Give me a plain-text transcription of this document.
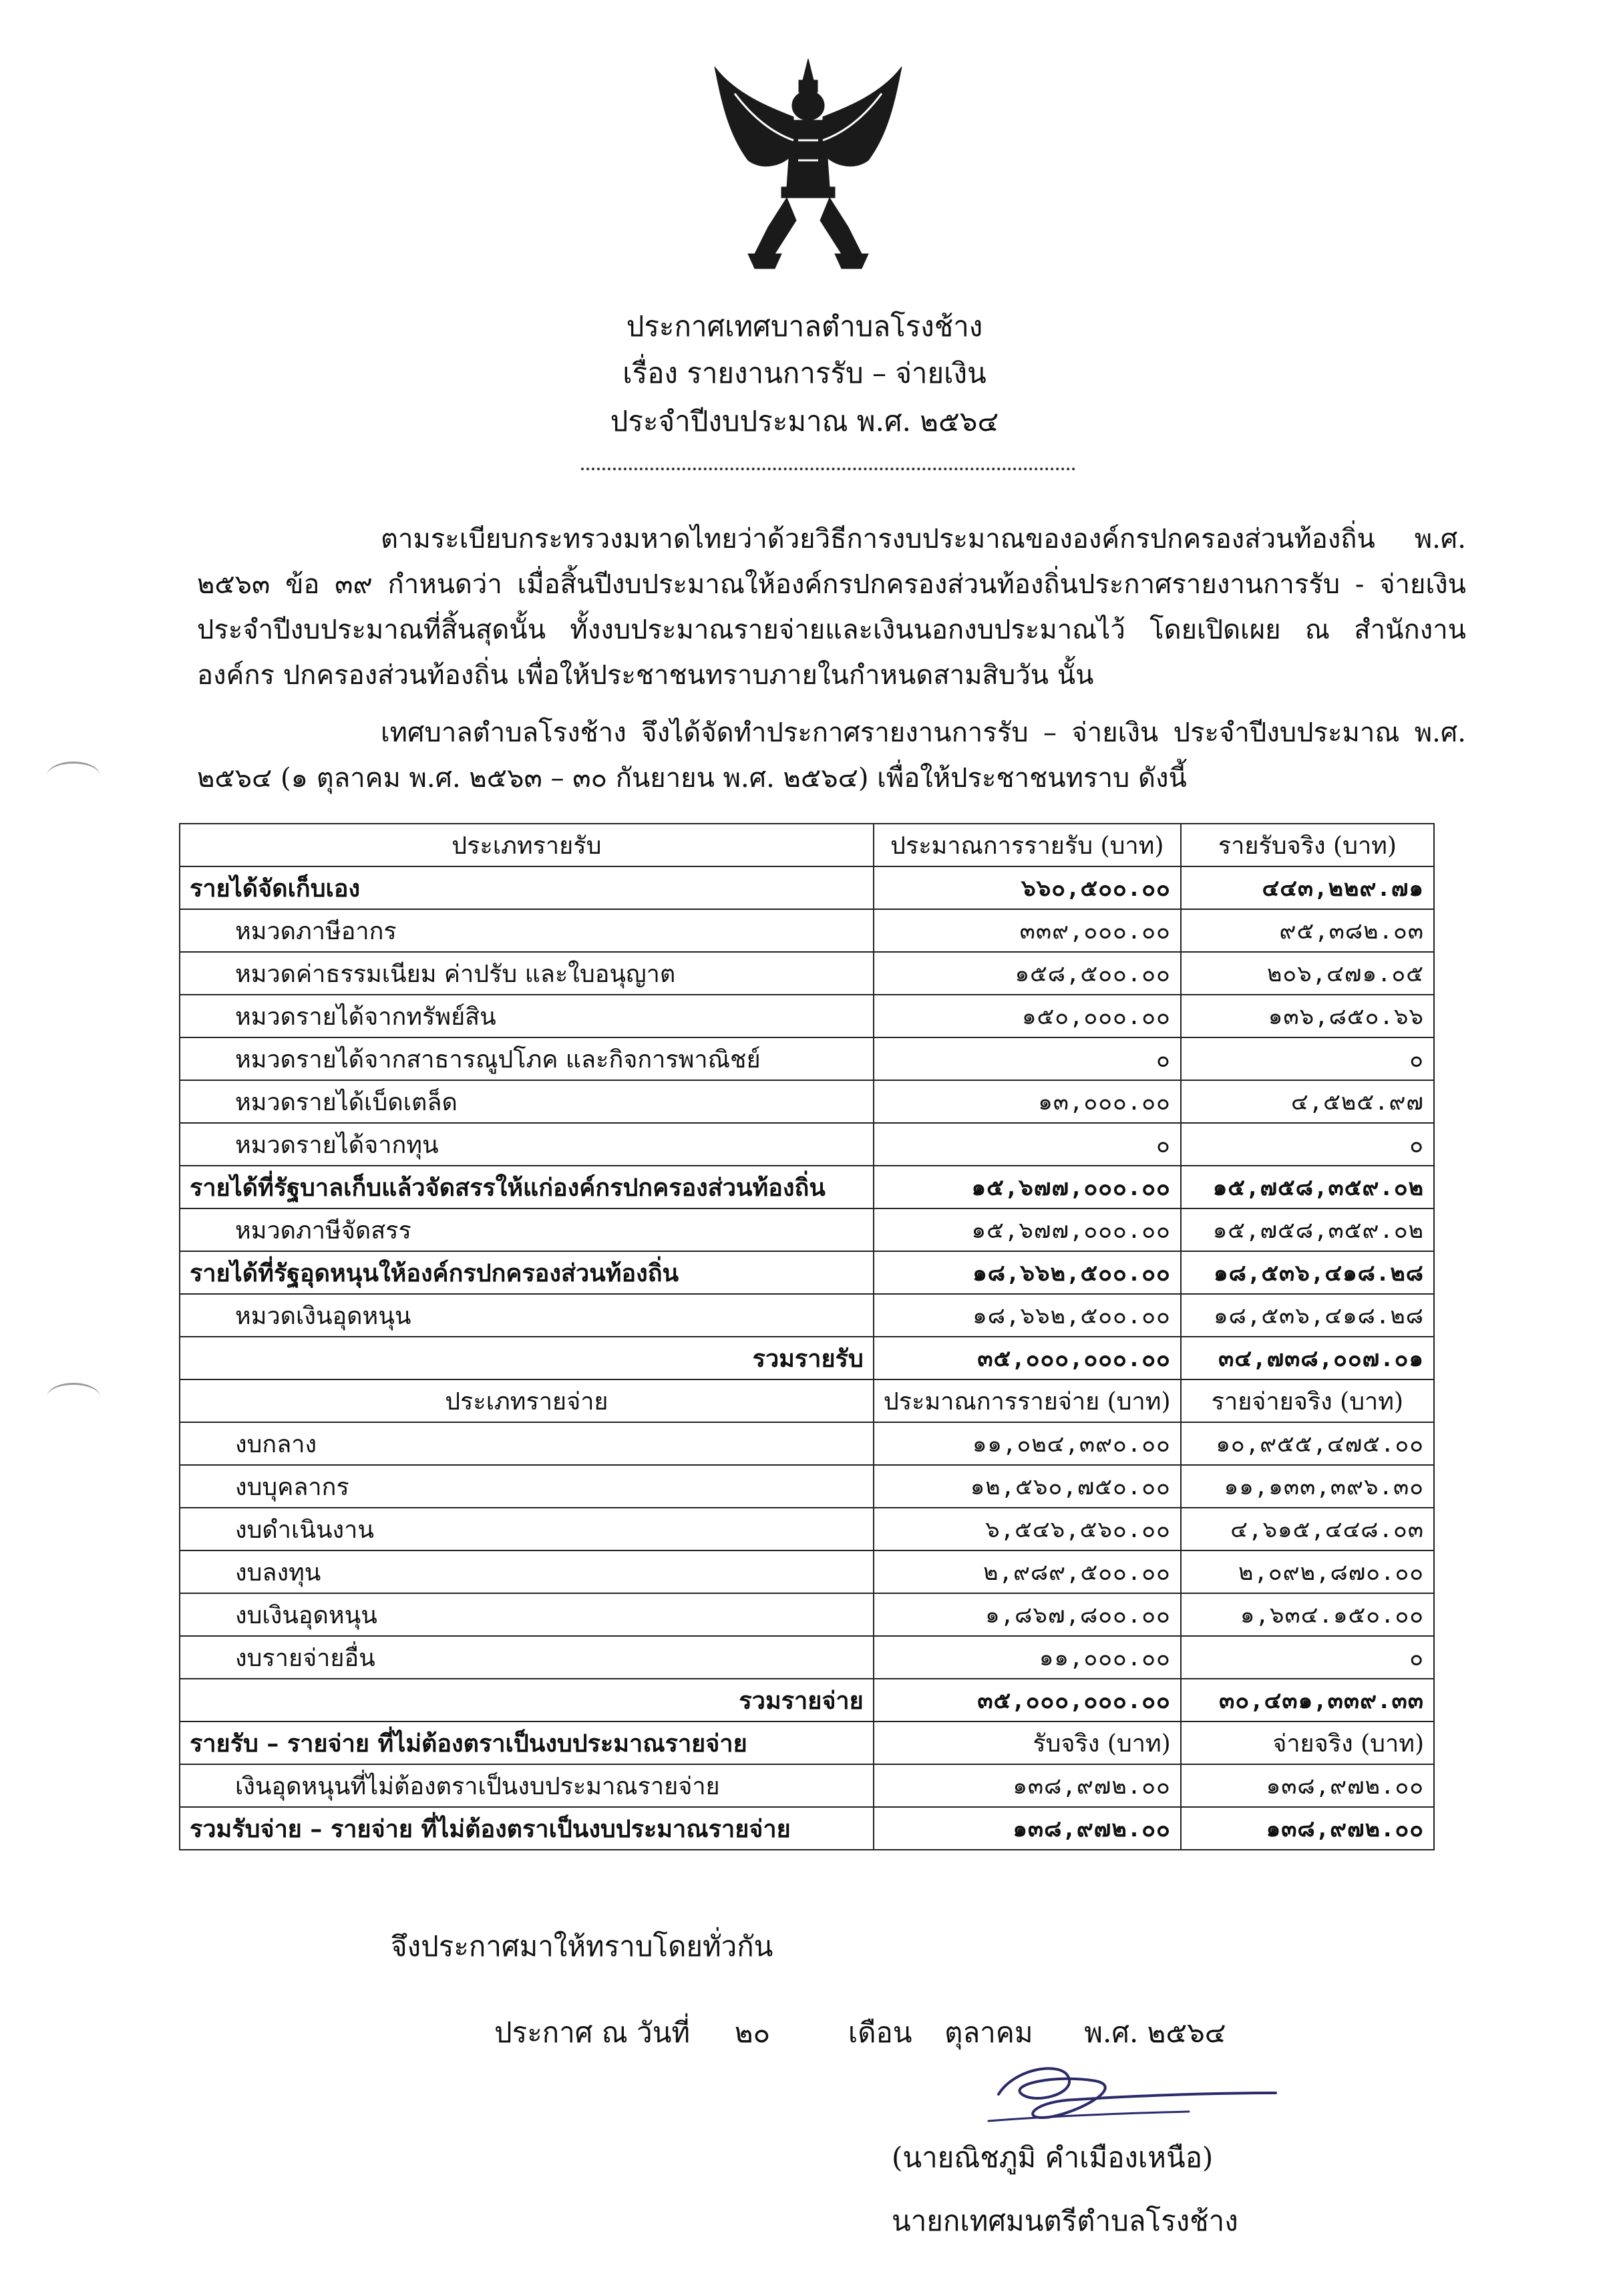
ประกาศเทศบาลตำบลโรงช้าง
เรื่อง รายงานการรับ – จ่ายเงิน
ประจำปีงบประมาณ พ.ศ. ๒๕๖๔
ตามระเบียบกระทรวงมหาดไทยว่าด้วยวิธีการงบประมาณขององค์กรปกครองส่วนท้องถิ่น พ.ศ. ๒๕๖๓ ข้อ ๓๙ กำหนดว่า เมื่อสิ้นปีงบประมาณให้องค์กรปกครองส่วนท้องถิ่นประกาศรายงานการรับ - จ่ายเงิน ประจำปีงบประมาณที่สิ้นสุดนั้น ทั้งงบประมาณรายจ่ายและเงินนอกงบประมาณไว้ โดยเปิดเผย ณ สำนักงานองค์กร ปกครองส่วนท้องถิ่น เพื่อให้ประชาชนทราบภายในกำหนดสามสิบวัน นั้น
เทศบาลตำบลโรงช้าง จึงได้จัดทำประกาศรายงานการรับ – จ่ายเงิน ประจำปีงบประมาณ พ.ศ. ๒๕๖๔ (๑ ตุลาคม พ.ศ. ๒๕๖๓ – ๓๐ กันยายน พ.ศ. ๒๕๖๔) เพื่อให้ประชาชนทราบ ดังนี้
ประเภทรายรับ	ประมาณการรายรับ (บาท)	รายรับจริง (บาท)
รายได้จัดเก็บเอง	๖๖๐,๕๐๐.๐๐	๔๔๓,๒๒๙.๗๑
หมวดภาษีอากร	๓๓๙,๐๐๐.๐๐	๙๕,๓๘๒.๐๓
หมวดค่าธรรมเนียม ค่าปรับ และใบอนุญาต	๑๕๘,๕๐๐.๐๐	๒๐๖,๔๗๑.๐๕
หมวดรายได้จากทรัพย์สิน	๑๕๐,๐๐๐.๐๐	๑๓๖,๘๕๐.๖๖
หมวดรายได้จากสาธารณูปโภค และกิจการพาณิชย์	๐	๐
หมวดรายได้เบ็ดเตล็ด	๑๓,๐๐๐.๐๐	๔,๕๒๕.๙๗
หมวดรายได้จากทุน	๐	๐
รายได้ที่รัฐบาลเก็บแล้วจัดสรรให้แก่องค์กรปกครองส่วนท้องถิ่น	๑๕,๖๗๗,๐๐๐.๐๐	๑๕,๗๕๘,๓๕๙.๐๒
หมวดภาษีจัดสรร	๑๕,๖๗๗,๐๐๐.๐๐	๑๕,๗๕๘,๓๕๙.๐๒
รายได้ที่รัฐอุดหนุนให้องค์กรปกครองส่วนท้องถิ่น	๑๘,๖๖๒,๕๐๐.๐๐	๑๘,๕๓๖,๔๑๘.๒๘
หมวดเงินอุดหนุน	๑๘,๖๖๒,๕๐๐.๐๐	๑๘,๕๓๖,๔๑๘.๒๘
รวมรายรับ	๓๕,๐๐๐,๐๐๐.๐๐	๓๔,๗๓๘,๐๐๗.๐๑
ประเภทรายจ่าย	ประมาณการรายจ่าย (บาท)	รายจ่ายจริง (บาท)
งบกลาง	๑๑,๐๒๔,๓๙๐.๐๐	๑๐,๙๕๕,๔๗๕.๐๐
งบบุคลากร	๑๒,๕๖๐,๗๕๐.๐๐	๑๑,๑๓๓,๓๙๖.๓๐
งบดำเนินงาน	๖,๕๔๖,๕๖๐.๐๐	๔,๖๑๕,๔๔๘.๐๓
งบลงทุน	๒,๙๘๙,๕๐๐.๐๐	๒,๐๙๒,๘๗๐.๐๐
งบเงินอุดหนุน	๑,๘๖๗,๘๐๐.๐๐	๑,๖๓๔.๑๕๐.๐๐
งบรายจ่ายอื่น	๑๑,๐๐๐.๐๐	๐
รวมรายจ่าย	๓๕,๐๐๐,๐๐๐.๐๐	๓๐,๔๓๑,๓๓๙.๓๓
รายรับ – รายจ่าย ที่ไม่ต้องตราเป็นงบประมาณรายจ่าย	รับจริง (บาท)	จ่ายจริง (บาท)
เงินอุดหนุนที่ไม่ต้องตราเป็นงบประมาณรายจ่าย	๑๓๘,๙๗๒.๐๐	๑๓๘,๙๗๒.๐๐
รวมรับจ่าย – รายจ่าย ที่ไม่ต้องตราเป็นงบประมาณรายจ่าย	๑๓๘,๙๗๒.๐๐	๑๓๘,๙๗๒.๐๐
จึงประกาศมาให้ทราบโดยทั่วกัน
ประกาศ ณ วันที่ ๒๐	เดือน ตุลาคม พ.ศ. ๒๕๖๔
(นายณิชภูมิ คำเมืองเหนือ)
นายกเทศมนตรีตำบลโรงช้าง
